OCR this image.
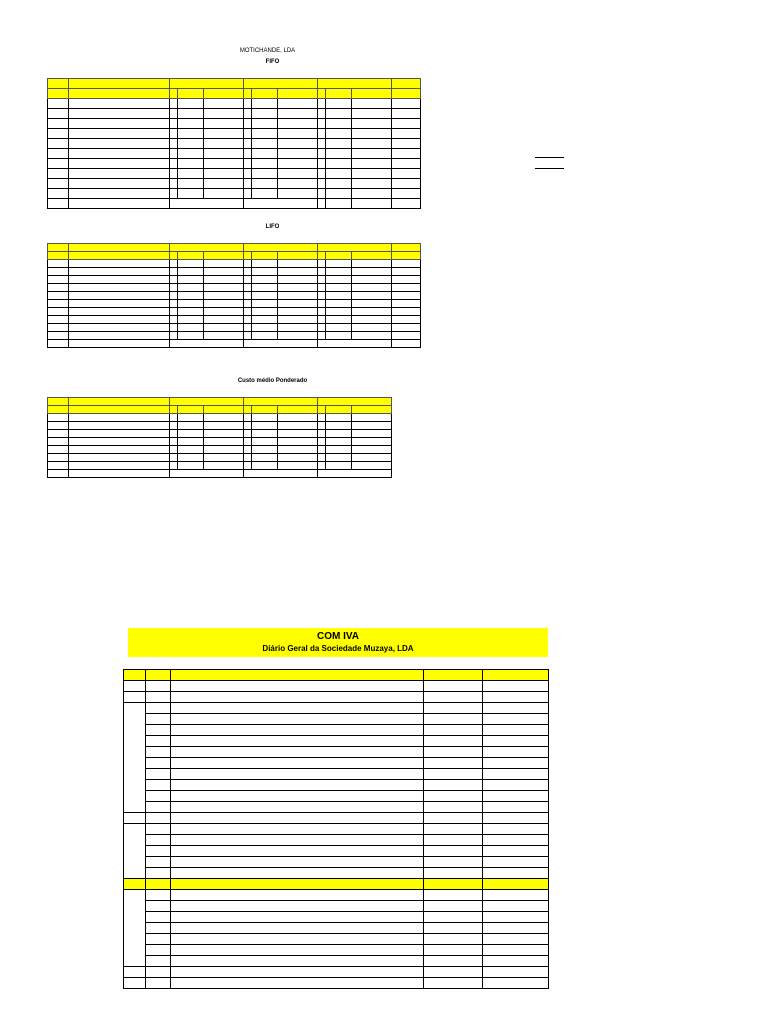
MOTICHANDE, LDA
FIFO

LIFO

Custo médio Ponderado

COM IVA
Diário Geral da Sociedade Muzaya, LDA
